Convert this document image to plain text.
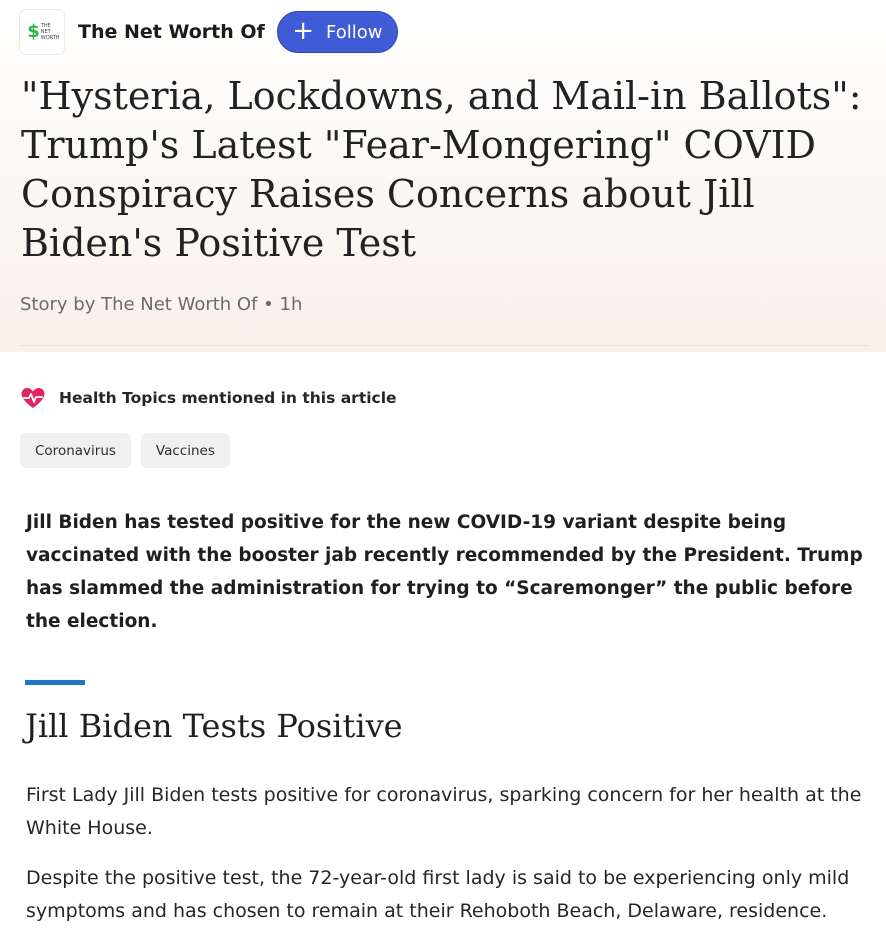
$ THE NET WORTH The Net Worth Of + Follow
"Hysteria, Lockdowns, and Mail-in Ballots": Trump's Latest "Fear-Mongering" COVID Conspiracy Raises Concerns about Jill Biden's Positive Test
Story by The Net Worth Of • 1h
Health Topics mentioned in this article
Coronavirus	Vaccines

Jill Biden has tested positive for the new COVID-19 variant despite being vaccinated with the booster jab recently recommended by the President. Trump has slammed the administration for trying to “Scaremonger” the public before the election.

Jill Biden Tests Positive

First Lady Jill Biden tests positive for coronavirus, sparking concern for her health at the White House.

Despite the positive test, the 72-year-old first lady is said to be experiencing only mild symptoms and has chosen to remain at their Rehoboth Beach, Delaware, residence.
